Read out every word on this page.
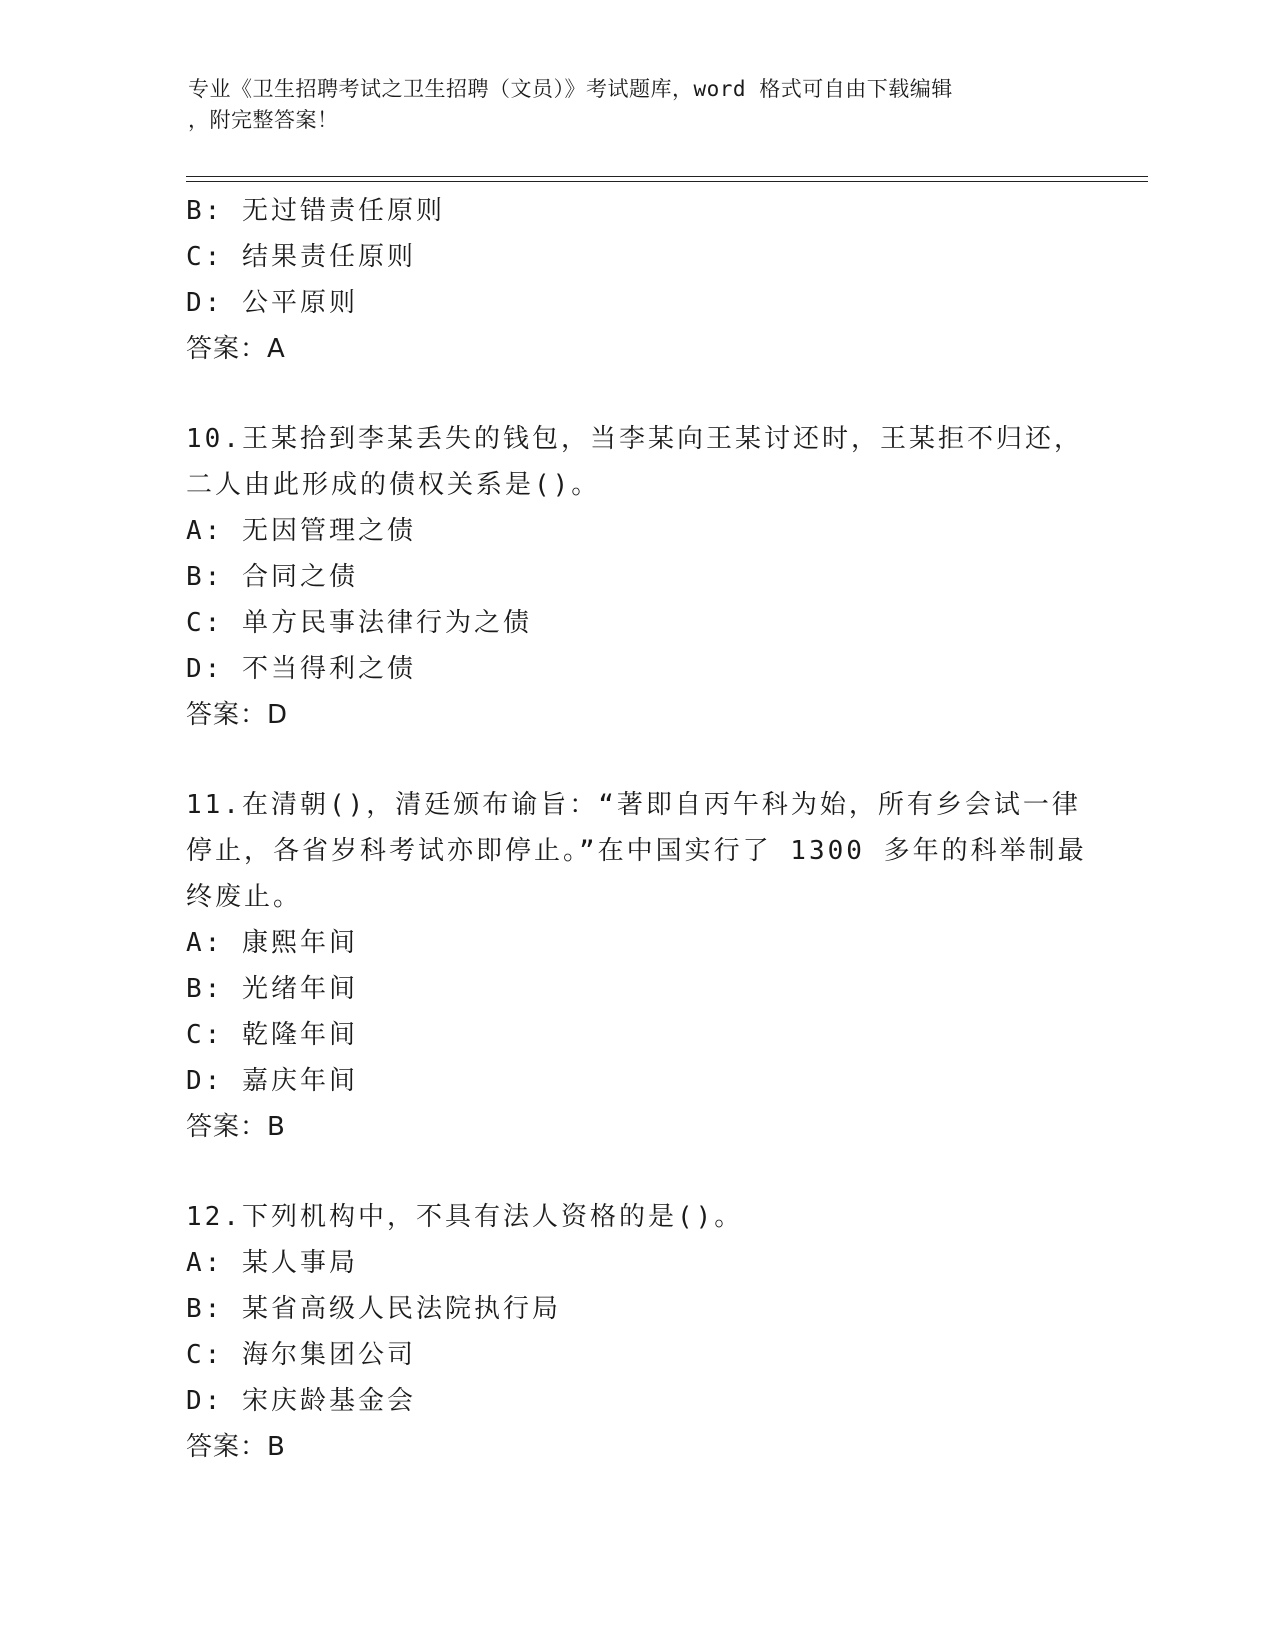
专业《卫生招聘考试之卫生招聘（文员）》考试题库，word 格式可自由下载编辑
，附完整答案！
B: 无过错责任原则
C: 结果责任原则
D: 公平原则
答案：A
10.王某拾到李某丢失的钱包，当李某向王某讨还时，王某拒不归还，
二人由此形成的债权关系是()。
A: 无因管理之债
B: 合同之债
C: 单方民事法律行为之债
D: 不当得利之债
答案：D
11.在清朝()，清廷颁布谕旨：“著即自丙午科为始，所有乡会试一律
停止，各省岁科考试亦即停止。”在中国实行了 1300 多年的科举制最
终废止。
A: 康熙年间
B: 光绪年间
C: 乾隆年间
D: 嘉庆年间
答案：B
12.下列机构中，不具有法人资格的是()。
A: 某人事局
B: 某省高级人民法院执行局
C: 海尔集团公司
D: 宋庆龄基金会
答案：B
